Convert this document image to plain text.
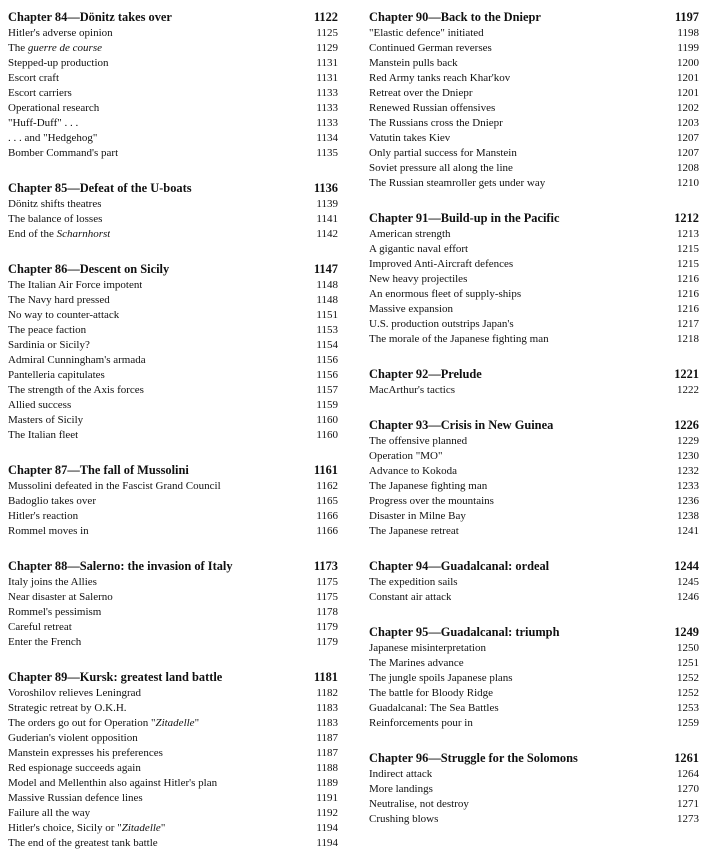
Chapter 84—Dönitz takes over	1122
Hitler's adverse opinion	1125
The guerre de course	1129
Stepped-up production	1131
Escort craft	1131
Escort carriers	1133
Operational research	1133
"Huff-Duff" . . .	1133
. . . and "Hedgehog"	1134
Bomber Command's part	1135
Chapter 85—Defeat of the U-boats	1136
Dönitz shifts theatres	1139
The balance of losses	1141
End of the Scharnhorst	1142
Chapter 86—Descent on Sicily	1147
The Italian Air Force impotent	1148
The Navy hard pressed	1148
No way to counter-attack	1151
The peace faction	1153
Sardinia or Sicily?	1154
Admiral Cunningham's armada	1156
Pantelleria capitulates	1156
The strength of the Axis forces	1157
Allied success	1159
Masters of Sicily	1160
The Italian fleet	1160
Chapter 87—The fall of Mussolini	1161
Mussolini defeated in the Fascist Grand Council	1162
Badoglio takes over	1165
Hitler's reaction	1166
Rommel moves in	1166
Chapter 88—Salerno: the invasion of Italy	1173
Italy joins the Allies	1175
Near disaster at Salerno	1175
Rommel's pessimism	1178
Careful retreat	1179
Enter the French	1179
Chapter 89—Kursk: greatest land battle	1181
Voroshilov relieves Leningrad	1182
Strategic retreat by O.K.H.	1183
The orders go out for Operation "Zitadelle"	1183
Guderian's violent opposition	1187
Manstein expresses his preferences	1187
Red espionage succeeds again	1188
Model and Mellenthin also against Hitler's plan	1189
Massive Russian defence lines	1191
Failure all the way	1192
Hitler's choice, Sicily or "Zitadelle"	1194
The end of the greatest tank battle	1194
Chapter 90—Back to the Dniepr	1197
"Elastic defence" initiated	1198
Continued German reverses	1199
Manstein pulls back	1200
Red Army tanks reach Khar'kov	1201
Retreat over the Dniepr	1201
Renewed Russian offensives	1202
The Russians cross the Dniepr	1203
Vatutin takes Kiev	1207
Only partial success for Manstein	1207
Soviet pressure all along the line	1208
The Russian steamroller gets under way	1210
Chapter 91—Build-up in the Pacific	1212
American strength	1213
A gigantic naval effort	1215
Improved Anti-Aircraft defences	1215
New heavy projectiles	1216
An enormous fleet of supply-ships	1216
Massive expansion	1216
U.S. production outstrips Japan's	1217
The morale of the Japanese fighting man	1218
Chapter 92—Prelude	1221
MacArthur's tactics	1222
Chapter 93—Crisis in New Guinea	1226
The offensive planned	1229
Operation "MO"	1230
Advance to Kokoda	1232
The Japanese fighting man	1233
Progress over the mountains	1236
Disaster in Milne Bay	1238
The Japanese retreat	1241
Chapter 94—Guadalcanal: ordeal	1244
The expedition sails	1245
Constant air attack	1246
Chapter 95—Guadalcanal: triumph	1249
Japanese misinterpretation	1250
The Marines advance	1251
The jungle spoils Japanese plans	1252
The battle for Bloody Ridge	1252
Guadalcanal: The Sea Battles	1253
Reinforcements pour in	1259
Chapter 96—Struggle for the Solomons	1261
Indirect attack	1264
More landings	1270
Neutralise, not destroy	1271
Crushing blows	1273
